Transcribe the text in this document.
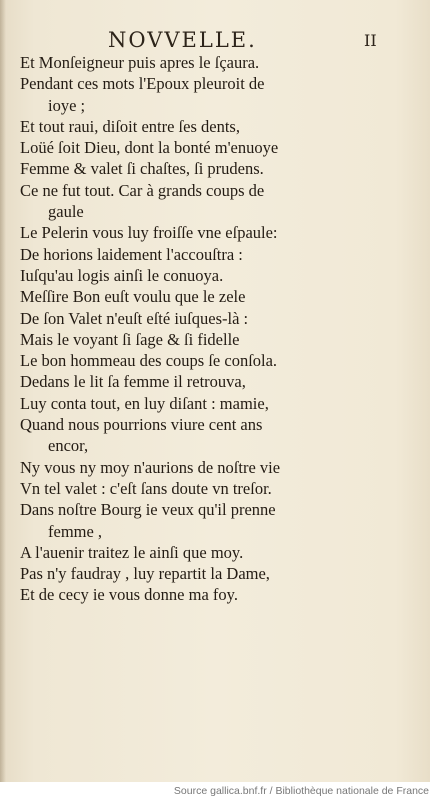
NOVVELLE.	II
Et Monſeigneur puis apres le ſçaura.
Pendant ces mots l'Epoux pleuroit de
ioye ;
Et tout raui, diſoit entre ſes dents,
Loüé ſoit Dieu, dont la bonté m'enuoye
Femme & valet ſi chaſtes, ſi prudens.
Ce ne fut tout. Car à grands coups de
gaule
Le Pelerin vous luy froiſſe vne eſpaule:
De horions laidement l'accouſtra :
Iuſqu'au logis ainſi le conuoya.
Meſſire Bon euſt voulu que le zele
De ſon Valet n'euſt eſté iuſques-là :
Mais le voyant ſi ſage & ſi fidelle
Le bon hommeau des coups ſe conſola.
Dedans le lit ſa femme il retrouva,
Luy conta tout, en luy diſant : mamie,
Quand nous pourrions viure cent ans
encor,
Ny vous ny moy n'aurions de noſtre vie
Vn tel valet : c'eſt ſans doute vn treſor.
Dans noſtre Bourg ie veux qu'il prenne
femme ,
A l'auenir traitez le ainſi que moy.
Pas n'y faudray , luy repartit la Dame,
Et de cecy ie vous donne ma foy.
Source gallica.bnf.fr / Bibliothèque nationale de France
